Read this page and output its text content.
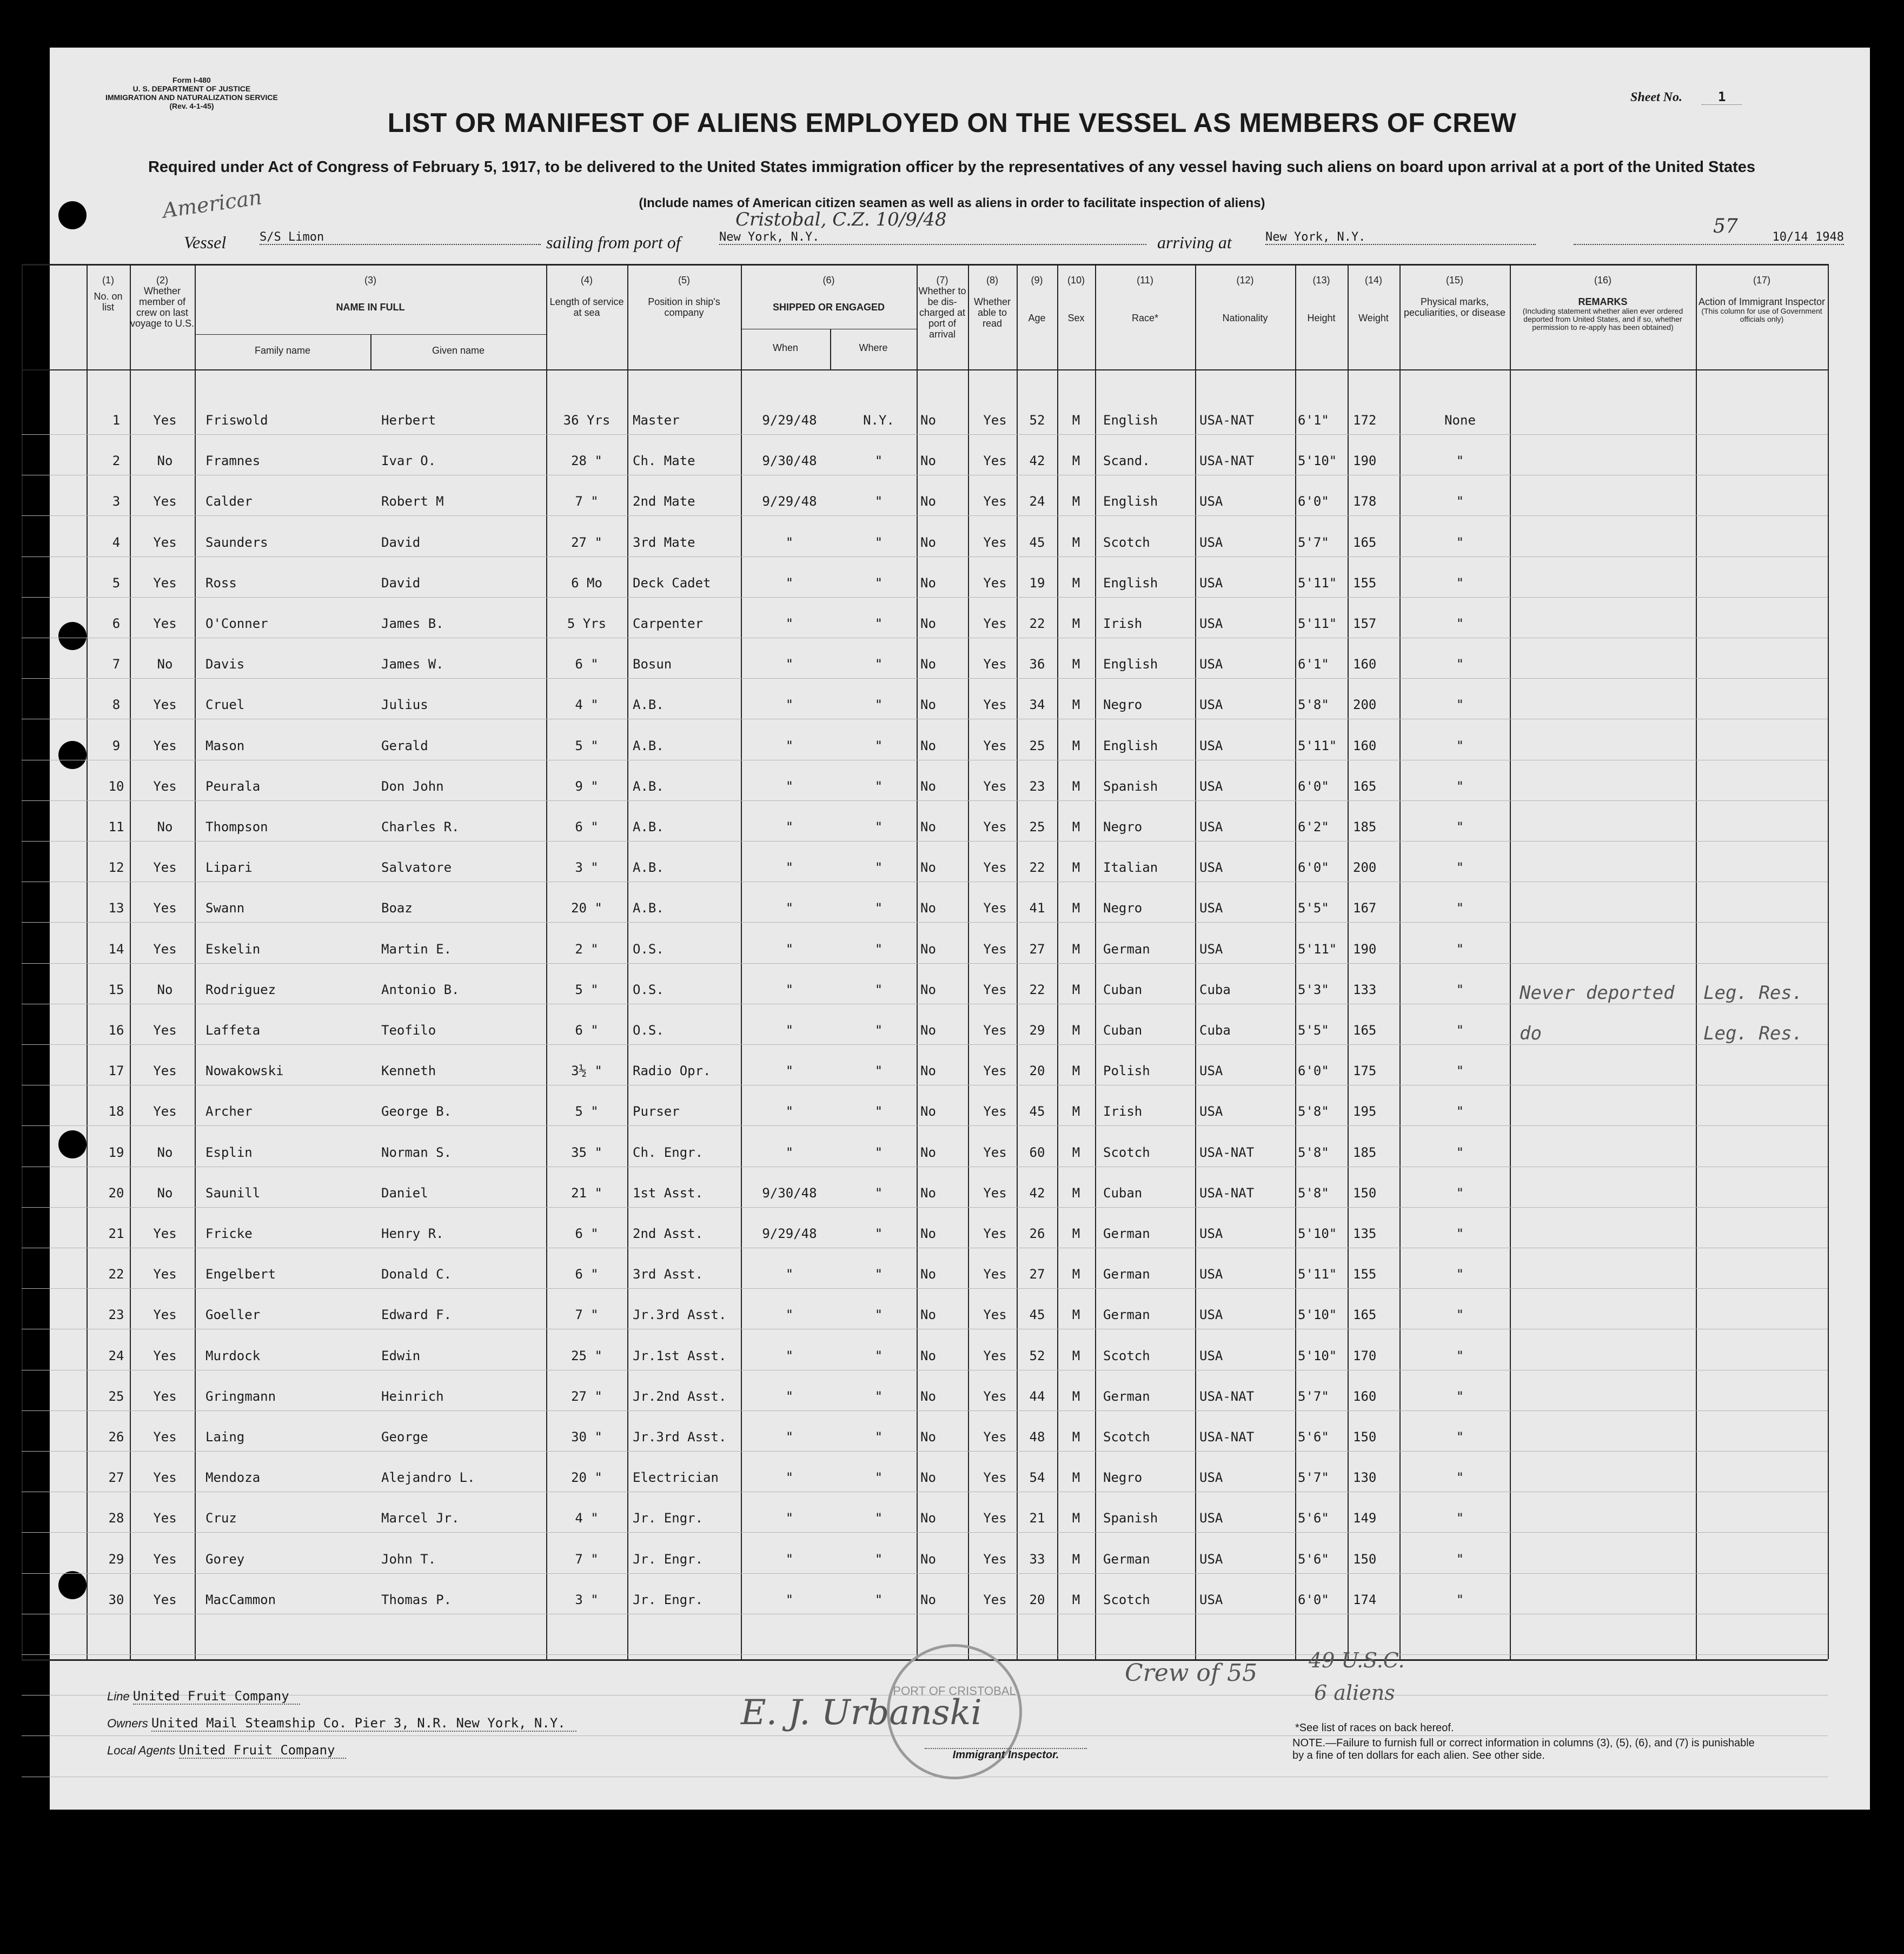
Form I-480
U. S. DEPARTMENT OF JUSTICE
IMMIGRATION AND NATURALIZATION SERVICE
(Rev. 4-1-45)
Sheet No.	1
LIST OR MANIFEST OF ALIENS EMPLOYED ON THE VESSEL AS MEMBERS OF CREW
Required under Act of Congress of February 5, 1917, to be delivered to the United States immigration officer by the representatives of any vessel having such aliens on board upon arrival at a port of the United States
(Include names of American citizen seamen as well as aliens in order to facilitate inspection of aliens)
American
57
Vessel	S/S Limon	sailing from port of	New York, N.Y.
Cristobal, C.Z. 10/9/48
arriving at	New York, N.Y.	10/14 1948
(1)
No. on list
(2)
Whether member of crew on last voyage to U.S.
(3)
NAME IN FULL
Family name	Given name
(4)
Length of service at sea
(5)
Position in ship's company
(6)
SHIPPED OR ENGAGED
When	Where
(7)
Whether to be dis-charged at port of arrival
(8)
Whether able to read
(9)
Age
(10)
Sex
(11)
Race*
(12)
Nationality
(13)
Height
(14)
Weight
(15)
Physical marks, peculiarities, or disease
(16)
REMARKS
(Including statement whether alien ever ordered deported from United States, and if so, whether permission to re-apply has been obtained)
(17)
Action of Immigrant Inspector
(This column for use of Government officials only)
1	Yes	Friswold	Herbert	36 Yrs	Master	9/29/48	N.Y.	No	Yes	52	M	English	USA-NAT	6'1"	172	None
2	No	Framnes	Ivar O.	28 "	Ch. Mate	9/30/48	"	No	Yes	42	M	Scand.	USA-NAT	5'10"	190	"
3	Yes	Calder	Robert M	7 "	2nd Mate	9/29/48	"	No	Yes	24	M	English	USA	6'0"	178	"
4	Yes	Saunders	David	27 "	3rd Mate	"	"	No	Yes	45	M	Scotch	USA	5'7"	165	"
5	Yes	Ross	David	6 Mo	Deck Cadet	"	"	No	Yes	19	M	English	USA	5'11"	155	"
6	Yes	O'Conner	James B.	5 Yrs	Carpenter	"	"	No	Yes	22	M	Irish	USA	5'11"	157	"
7	No	Davis	James W.	6 "	Bosun	"	"	No	Yes	36	M	English	USA	6'1"	160	"
8	Yes	Cruel	Julius	4 "	A.B.	"	"	No	Yes	34	M	Negro	USA	5'8"	200	"
9	Yes	Mason	Gerald	5 "	A.B.	"	"	No	Yes	25	M	English	USA	5'11"	160	"
10	Yes	Peurala	Don John	9 "	A.B.	"	"	No	Yes	23	M	Spanish	USA	6'0"	165	"
11	No	Thompson	Charles R.	6 "	A.B.	"	"	No	Yes	25	M	Negro	USA	6'2"	185	"
12	Yes	Lipari	Salvatore	3 "	A.B.	"	"	No	Yes	22	M	Italian	USA	6'0"	200	"
13	Yes	Swann	Boaz	20 "	A.B.	"	"	No	Yes	41	M	Negro	USA	5'5"	167	"
14	Yes	Eskelin	Martin E.	2 "	O.S.	"	"	No	Yes	27	M	German	USA	5'11"	190	"
15	No	Rodriguez	Antonio B.	5 "	O.S.	"	"	No	Yes	22	M	Cuban	Cuba	5'3"	133	"	Never deported	Leg. Res.
16	Yes	Laffeta	Teofilo	6 "	O.S.	"	"	No	Yes	29	M	Cuban	Cuba	5'5"	165	"	do	Leg. Res.
17	Yes	Nowakowski	Kenneth	3½ "	Radio Opr.	"	"	No	Yes	20	M	Polish	USA	6'0"	175	"
18	Yes	Archer	George B.	5 "	Purser	"	"	No	Yes	45	M	Irish	USA	5'8"	195	"
19	No	Esplin	Norman S.	35 "	Ch. Engr.	"	"	No	Yes	60	M	Scotch	USA-NAT	5'8"	185	"
20	No	Saunill	Daniel	21 "	1st Asst.	9/30/48	"	No	Yes	42	M	Cuban	USA-NAT	5'8"	150	"
21	Yes	Fricke	Henry R.	6 "	2nd Asst.	9/29/48	"	No	Yes	26	M	German	USA	5'10"	135	"
22	Yes	Engelbert	Donald C.	6 "	3rd Asst.	"	"	No	Yes	27	M	German	USA	5'11"	155	"
23	Yes	Goeller	Edward F.	7 "	Jr.3rd Asst.	"	"	No	Yes	45	M	German	USA	5'10"	165	"
24	Yes	Murdock	Edwin	25 "	Jr.1st Asst.	"	"	No	Yes	52	M	Scotch	USA	5'10"	170	"
25	Yes	Gringmann	Heinrich	27 "	Jr.2nd Asst.	"	"	No	Yes	44	M	German	USA-NAT	5'7"	160	"
26	Yes	Laing	George	30 "	Jr.3rd Asst.	"	"	No	Yes	48	M	Scotch	USA-NAT	5'6"	150	"
27	Yes	Mendoza	Alejandro L.	20 "	Electrician	"	"	No	Yes	54	M	Negro	USA	5'7"	130	"
28	Yes	Cruz	Marcel Jr.	4 "	Jr. Engr.	"	"	No	Yes	21	M	Spanish	USA	5'6"	149	"
29	Yes	Gorey	John T.	7 "	Jr. Engr.	"	"	No	Yes	33	M	German	USA	5'6"	150	"
30	Yes	MacCammon	Thomas P.	3 "	Jr. Engr.	"	"	No	Yes	20	M	Scotch	USA	6'0"	174	"
PORT OF CRISTOBAL
Line United Fruit Company
Owners United Mail Steamship Co. Pier 3, N.R. New York, N.Y.
Local Agents United Fruit Company
E. J. Urbanski
Immigrant Inspector.
Crew of 55 49 U.S.C.
6 aliens
*See list of races on back hereof.
NOTE.—Failure to furnish full or correct information in columns (3), (5), (6), and (7) is punishable by a fine of ten dollars for each alien. See other side.
